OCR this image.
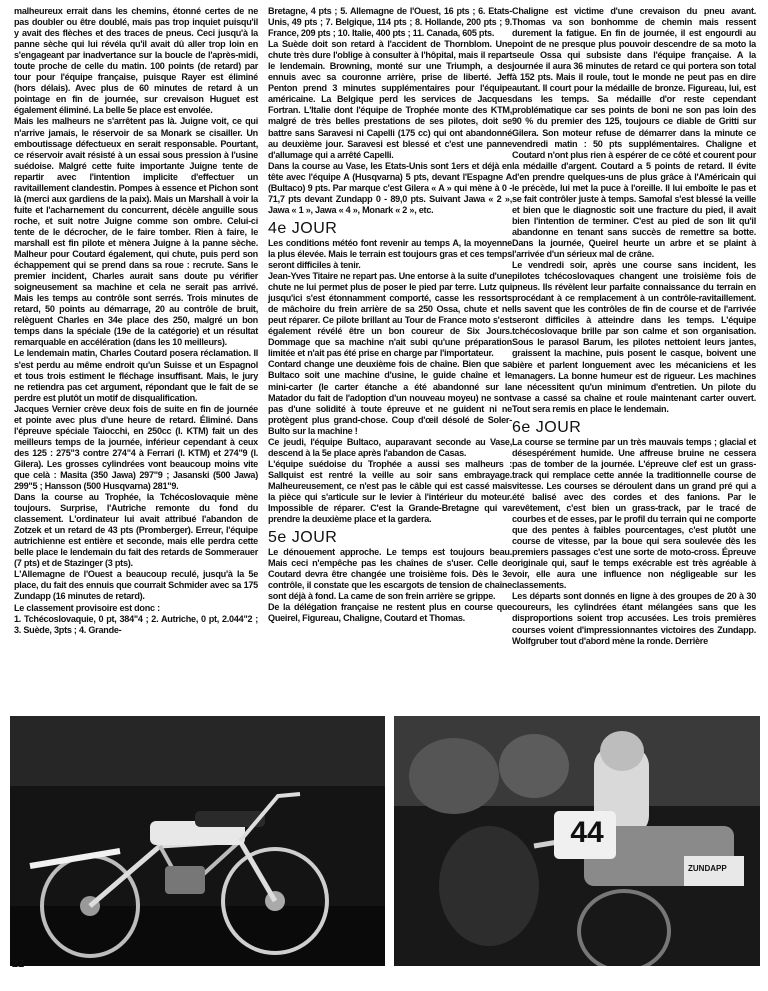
malheureux errait dans les chemins, étonné certes de ne pas doubler ou être doublé, mais pas trop inquiet puisqu'il y avait des flèches et des traces de pneus. Ceci jusqu'à la panne sèche qui lui révéla qu'il avait dû aller trop loin en s'engageant par inadvertance sur la boucle de l'après-midi, toute proche de celle du matin. 100 points (de retard) par tour pour l'équipe française, puisque Rayer est éliminé (hors délais). Avec plus de 60 minutes de retard à un pointage en fin de journée, sur crevaison Huguet est également éliminé. La belle 5e place est envolée.

Mais les malheurs ne s'arrêtent pas là. Juigne voit, ce qui n'arrive jamais, le réservoir de sa Monark se cisailler. Un emboutissage défectueux en serait responsable. Pourtant, ce réservoir avait résisté à un essai sous pression à l'usine suédoise. Malgré cette fuite importante Juigne tente de repartir avec l'intention implicite d'effectuer un ravitaillement clandestin. Pompes à essence et Pichon sont là (merci aux gardiens de la paix). Mais un Marshall à voir la fuite et l'acharnement du concurrent, décèle anguille sous roche, et suit notre Juigne comme son ombre. Celui-ci tente de le décrocher, de le faire tomber. Rien à faire, le marshall est fin pilote et mènera Juigne à la panne sèche. Malheur pour Coutard également, qui chute, puis perd son échappement qui se prend dans sa roue : recrute. Sans le premier incident, Charles aurait sans doute pu vérifier soigneusement sa machine et cela ne serait pas arrivé. Mais les temps au contrôle sont serrés. Trois minutes de retard, 50 points au démarrage, 20 au contrôle de bruit, relèguent Charles en 34e place des 250, malgré un bon temps dans la spéciale (19e de la catégorie) et un résultat remarquable en accélération (dans les 10 meilleurs).

Le lendemain matin, Charles Coutard posera réclamation. Il s'est perdu au même endroit qu'un Suisse et un Espagnol et tous trois estiment le fléchage insuffisant. Mais, le jury ne retiendra pas cet argument, répondant que le fait de se perdre est plutôt un motif de disqualification.

Jacques Vernier crève deux fois de suite en fin de journée et pointe avec plus d'une heure de retard. Éliminé. Dans l'épreuve spéciale Taiocchi, en 250cc (I. KTM) fait un des meilleurs temps de la journée, inférieur cependant à ceux des 125 : 275"3 contre 274"4 à Ferrari (I. KTM) et 274"9 (I. Gilera). Les grosses cylindrées vont beaucoup moins vite que celà : Masita (350 Jawa) 297"9 ; Jasanski (500 Jawa) 299"5 ; Hansson (500 Husqvarna) 281"9.

Dans la course au Trophée, la Tchécoslovaquie mène toujours. Surprise, l'Autriche remonte du fond du classement. L'ordinateur lui avait attribué l'abandon de Zotzek et un retard de 43 pts (Promberger). Erreur, l'équipe autrichienne est entière et seconde, mais elle perdra cette belle place le lendemain du fait des retards de Sommerauer (7 pts) et de Stazinger (3 pts).

L'Allemagne de l'Ouest a beaucoup reculé, jusqu'à la 5e place, du fait des ennuis que courrait Schmider avec sa 175 Zundapp (16 minutes de retard).

Le classement provisoire est donc :

1. Tchécoslovaquie, 0 pt, 384"4 ; 2. Autriche, 0 pt, 2.044"2 ; 3. Suède, 3pts ; 4. Grande-

Bretagne, 4 pts ; 5. Allemagne de l'Ouest, 16 pts ; 6. Etats-Unis, 49 pts ; 7. Belgique, 114 pts ; 8. Hollande, 200 pts ; 9. France, 209 pts ; 10. Italie, 400 pts ; 11. Canada, 605 pts.

La Suède doit son retard à l'accident de Thornblom. Une chute très dure l'oblige à consulter à l'hôpital, mais il repart le lendemain. Browning, monté sur une Triumph, a des ennuis avec sa couronne arrière, prise de liberté. Jeff Penton prend 3 minutes supplémentaires pour l'équipe américaine. La Belgique perd les services de Jacques Fortran. L'Italie dont l'équipe de Trophée monte des KTM, malgré de très belles prestations de ses pilotes, doit se battre sans Saravesi ni Capelli (175 cc) qui ont abandonné au deuxième jour. Saravesi est blessé et c'est une panne d'allumage qui a arrêté Capelli.

Dans la course au Vase, les Etats-Unis sont 1ers et déjà en tête avec l'équipe A (Husqvarna) 5 pts, devant l'Espagne A (Bultaco) 9 pts. Par marque c'est Gilera « A » qui mène à 0 - 71,7 pts devant Zundapp 0 - 89,0 pts. Suivant Jawa « 2 », Jawa « 1 », Jawa « 4 », Monark « 2 », etc.

4e JOUR

Les conditions météo font revenir au temps A, la moyenne la plus élevée. Mais le terrain est toujours gras et ces temps seront difficiles à tenir.

Jean-Yves Titaire ne repart pas. Une entorse à la suite d'une chute ne lui permet plus de poser le pied par terre. Lutz qui jusqu'ici s'est étonnamment comporté, casse les ressorts de mâchoire du frein arrière de sa 250 Ossa, chute et ne peut réparer. Ce pilote brillant au Tour de France moto s'est également révélé être un bon coureur de Six Jours. Dommage que sa machine n'ait subi qu'une préparation limitée et n'ait pas été prise en charge par l'importateur.

Contard change une deuxième fois de chaîne. Bien que sa Bultaco soit une machine d'usine, le guide chaîne et le mini-carter (le carter étanche a été abandonné sur la Matador du fait de l'adoption d'un nouveau moyeu) ne sont pas d'une solidité à toute épreuve et ne guident ni ne protègent plus grand-chose. Coup d'œil désolé de Soler-Bulto sur la machine !

Ce jeudi, l'équipe Bultaco, auparavant seconde au Vase, descend à la 5e place après l'abandon de Casas.

L'équipe suédoise du Trophée a aussi ses malheurs : Sallquist est rentré la veille au soir sans embrayage. Malheureusement, ce n'est pas le câble qui est cassé mais la pièce qui s'articule sur le levier à l'intérieur du moteur. Impossible de réparer. C'est la Grande-Bretagne qui va prendre la deuxième place et la gardera.

5e JOUR

Le dénouement approche. Le temps est toujours beau. Mais ceci n'empêche pas les chaînes de s'user. Celle de Coutard devra être changée une troisième fois. Dès le 3e contrôle, il constate que les escargots de tension de chaîne sont déjà à fond. La came de son frein arrière se grippe.

De la délégation française ne restent plus en course que Queirel, Figureau, Chaligne, Coutard et Thomas.

Chaligne est victime d'une crevaison du pneu avant. Thomas va son bonhomme de chemin mais ressent durement la fatigue. En fin de journée, il est engourdi au point de ne presque plus pouvoir descendre de sa moto la seule Ossa qui subsiste dans l'équipe française. A la journée il aura 36 minutes de retard ce qui portera son total à 152 pts. Mais il roule, tout le monde ne peut pas en dire autant. Il court pour la médaille de bronze. Figureau, lui, est dans les temps. Sa médaille d'or reste cependant problématique car ses points de boni ne son pas loin des 90 % du premier des 125, toujours ce diable de Gritti sur Gilera. Son moteur refuse de démarrer dans la minute ce vendredi matin : 50 pts supplémentaires. Chaligne et Coutard n'ont plus rien à espérer de ce côté et courent pour la médaille d'argent. Coutard a 5 points de retard. Il évite d'en prendre quelques-uns de plus grâce à l'Américain qui le précède, lui met la puce à l'oreille. Il lui emboîte le pas et se fait contrôler juste à temps. Samofal s'est blessé la veille et bien que le diagnostic soit une fracture du pied, il avait bien l'intention de terminer. C'est au pied de son lit qu'il abandonne en tenant sans succès de remettre sa botte. Dans la journée, Queirel heurte un arbre et se plaint à l'arrivée d'un sérieux mal de crâne.

Le vendredi soir, après une course sans incident, les pilotes tchécoslovaques changent une troisième fois de pneus. Ils révèlent leur parfaite connaissance du terrain en procédant à ce remplacement à un contrôle-ravitaillement. Ils savent que les contrôles de fin de course et de l'arrivée seront difficiles à atteindre dans les temps. L'équipe tchécoslovaque brille par son calme et son organisation. Sous le parasol Barum, les pilotes nettoient leurs jantes, graissent la machine, puis posent le casque, boivent une bière et parlent longuement avec les mécaniciens et les managers. La bonne humeur est de rigueur. Les machines ne nécessitent qu'un minimum d'entretien. Un pilote du vase a cassé sa chaîne et roule maintenant carter ouvert. Tout sera remis en place le lendemain.

6e JOUR

La course se termine par un très mauvais temps ; glacial et désespérément humide. Une affreuse bruine ne cessera pas de tomber de la journée. L'épreuve clef est un grass-track qui remplace cette année la traditionnelle course de vitesse. Les courses se déroulent dans un grand pré qui a été balisé avec des cordes et des fanions. Par le revêtement, c'est bien un grass-track, par le tracé de courbes et de esses, par le profil du terrain qui ne comporte que des pentes à faibles pourcentages, c'est plutôt une course de vitesse, par la boue qui sera soulevée dès les premiers passages c'est une sorte de moto-cross. Épreuve originale qui, sauf le temps exécrable est très agréable à voir, elle aura une influence non négligeable sur les classements.

Les départs sont donnés en ligne à des groupes de 20 à 30 coureurs, les cylindrées étant mélangées sans que les disproportions soient trop accusées. Les trois premières courses voient d'impressionnantes victoires des Zundapp. Wolfgruber tout d'abord mène la ronde. Derrière

44
ZUNDAPP
22
